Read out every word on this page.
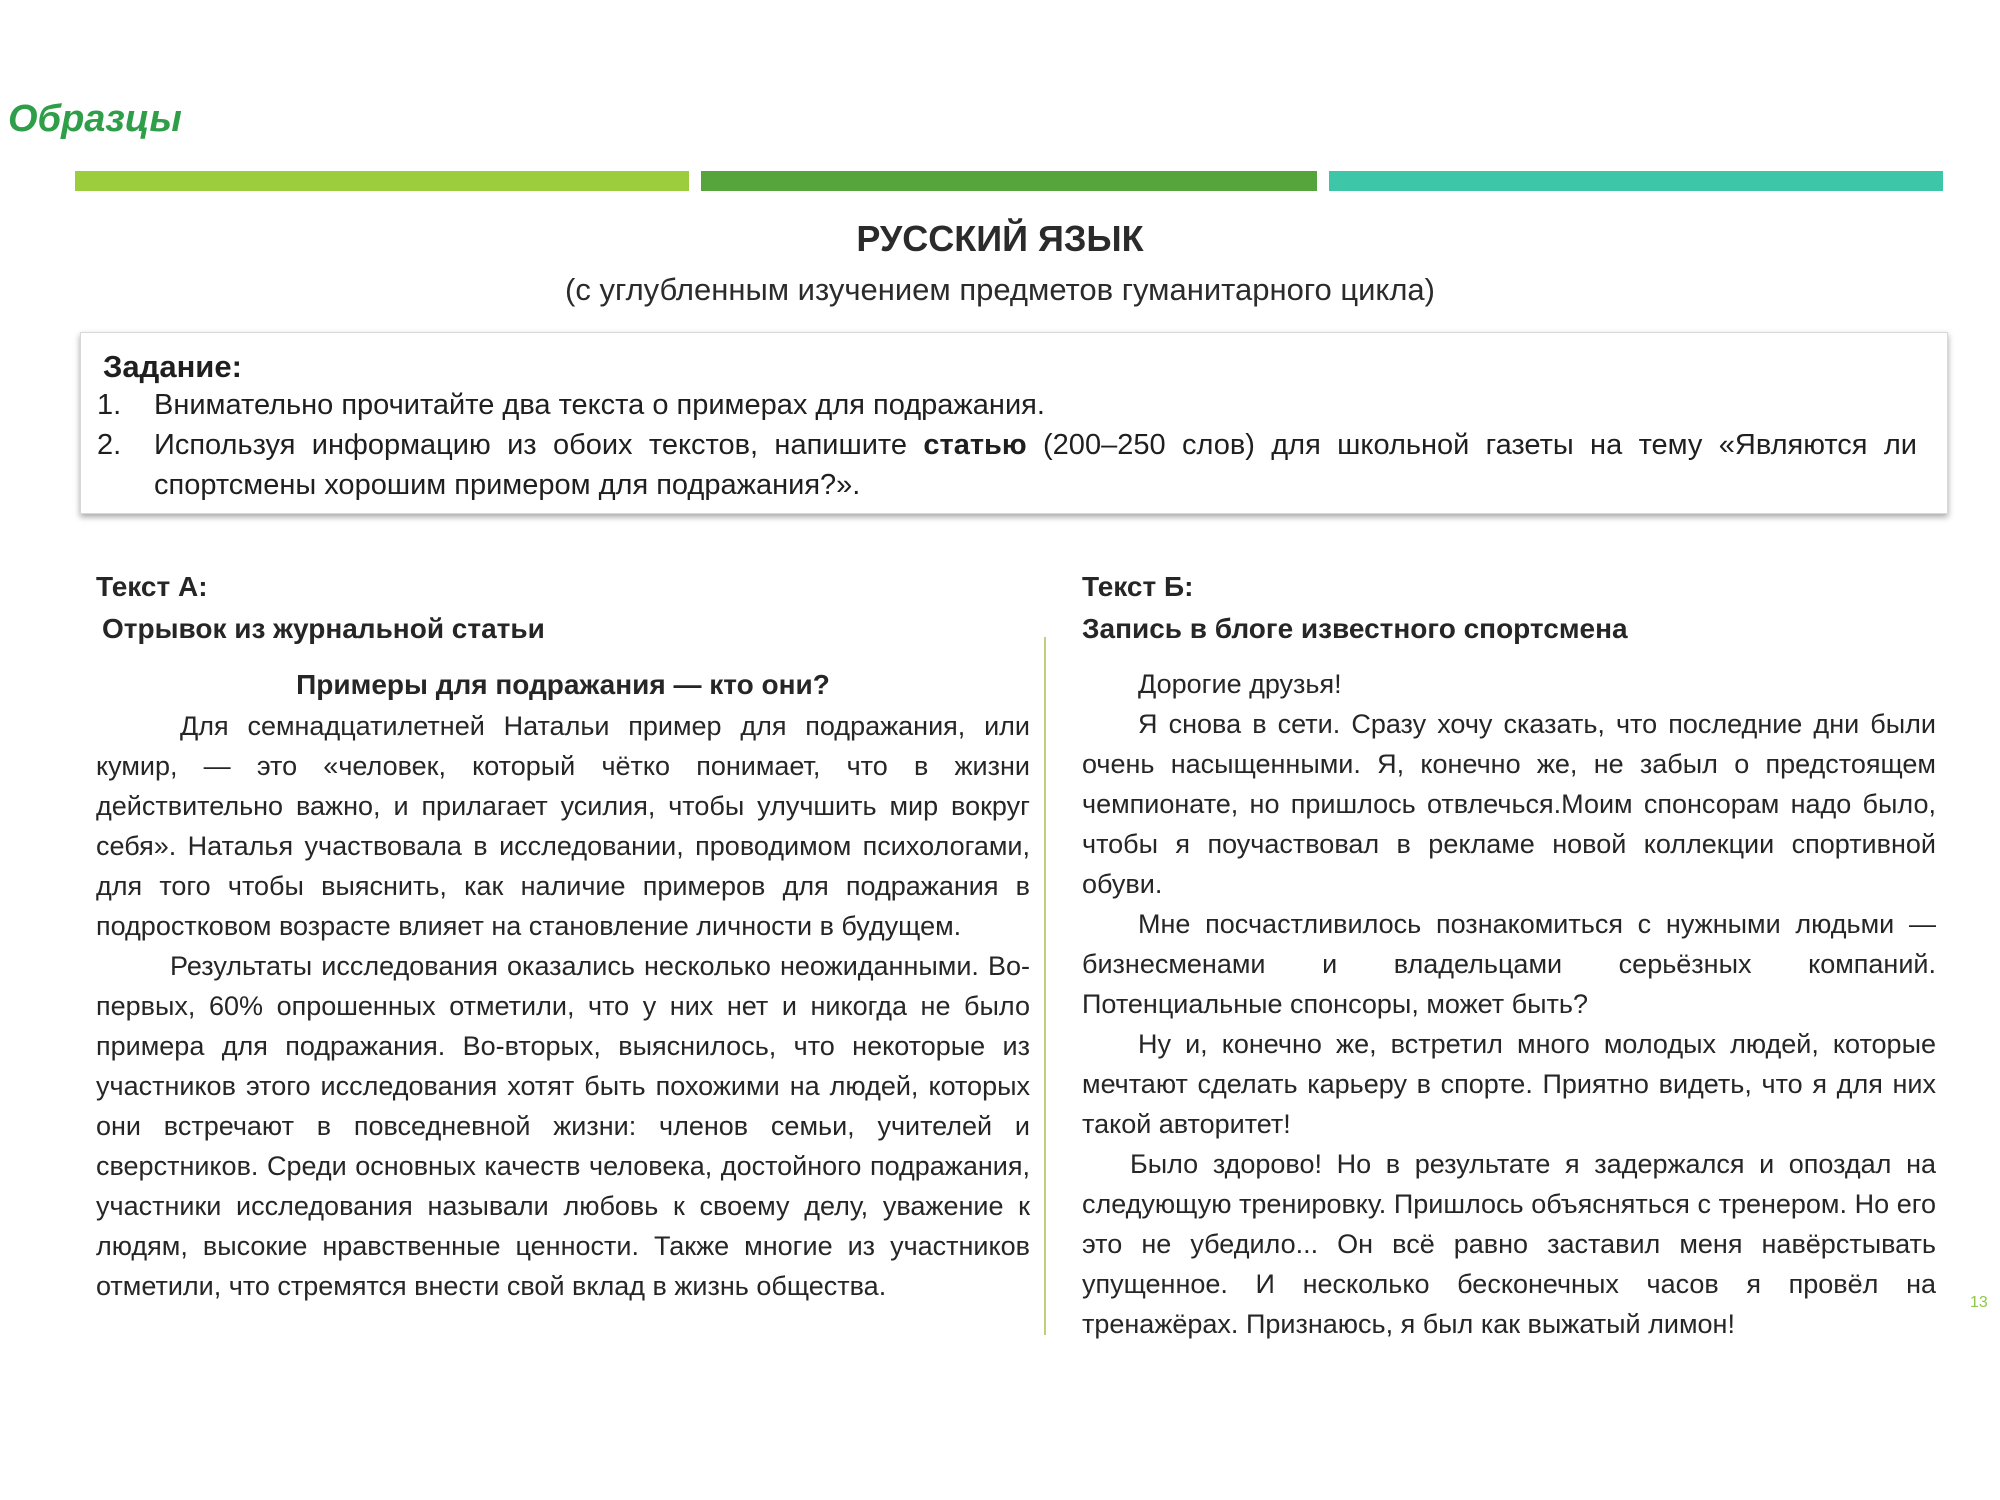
Образцы
РУССКИЙ ЯЗЫК
(с углубленным изучением предметов гуманитарного цикла)
Задание:
1. Внимательно прочитайте два текста о примерах для подражания.
2. Используя информацию из обоих текстов, напишите статью (200–250 слов) для школьной газеты на тему «Являются ли спортсмены хорошим примером для подражания?».
Текст А:
Отрывок из журнальной статьи
Примеры для подражания — кто они?

Для семнадцатилетней Натальи пример для подражания, или кумир, — это «человек, который чётко понимает, что в жизни действительно важно, и прилагает усилия, чтобы улучшить мир вокруг себя». Наталья участвовала в исследовании, проводимом психологами, для того чтобы выяснить, как наличие примеров для подражания в подростковом возрасте влияет на становление личности в будущем.

Результаты исследования оказались несколько неожиданными. Во-первых, 60% опрошенных отметили, что у них нет и никогда не было примера для подражания. Во-вторых, выяснилось, что некоторые из участников этого исследования хотят быть похожими на людей, которых они встречают в повседневной жизни: членов семьи, учителей и сверстников. Среди основных качеств человека, достойного подражания, участники исследования называли любовь к своему делу, уважение к людям, высокие нравственные ценности. Также многие из участников отметили, что стремятся внести свой вклад в жизнь общества.

Текст Б:
Запись в блоге известного спортсмена
Дорогие друзья!

Я снова в сети. Сразу хочу сказать, что последние дни были очень насыщенными. Я, конечно же, не забыл о предстоящем чемпионате, но пришлось отвлечься.Моим спонсорам надо было, чтобы я поучаствовал в рекламе новой коллекции спортивной обуви.

Мне посчастливилось познакомиться с нужными людьми — бизнесменами и владельцами серьёзных компаний. Потенциальные спонсоры, может быть?

Ну и, конечно же, встретил много молодых людей, которые мечтают сделать карьеру в спорте. Приятно видеть, что я для них такой авторитет!

Было здорово! Но в результате я задержался и опоздал на следующую тренировку. Пришлось объясняться с тренером. Но его это не убедило... Он всё равно заставил меня навёрстывать упущенное. И несколько бесконечных часов я провёл на тренажёрах. Признаюсь, я был как выжатый лимон!

13
